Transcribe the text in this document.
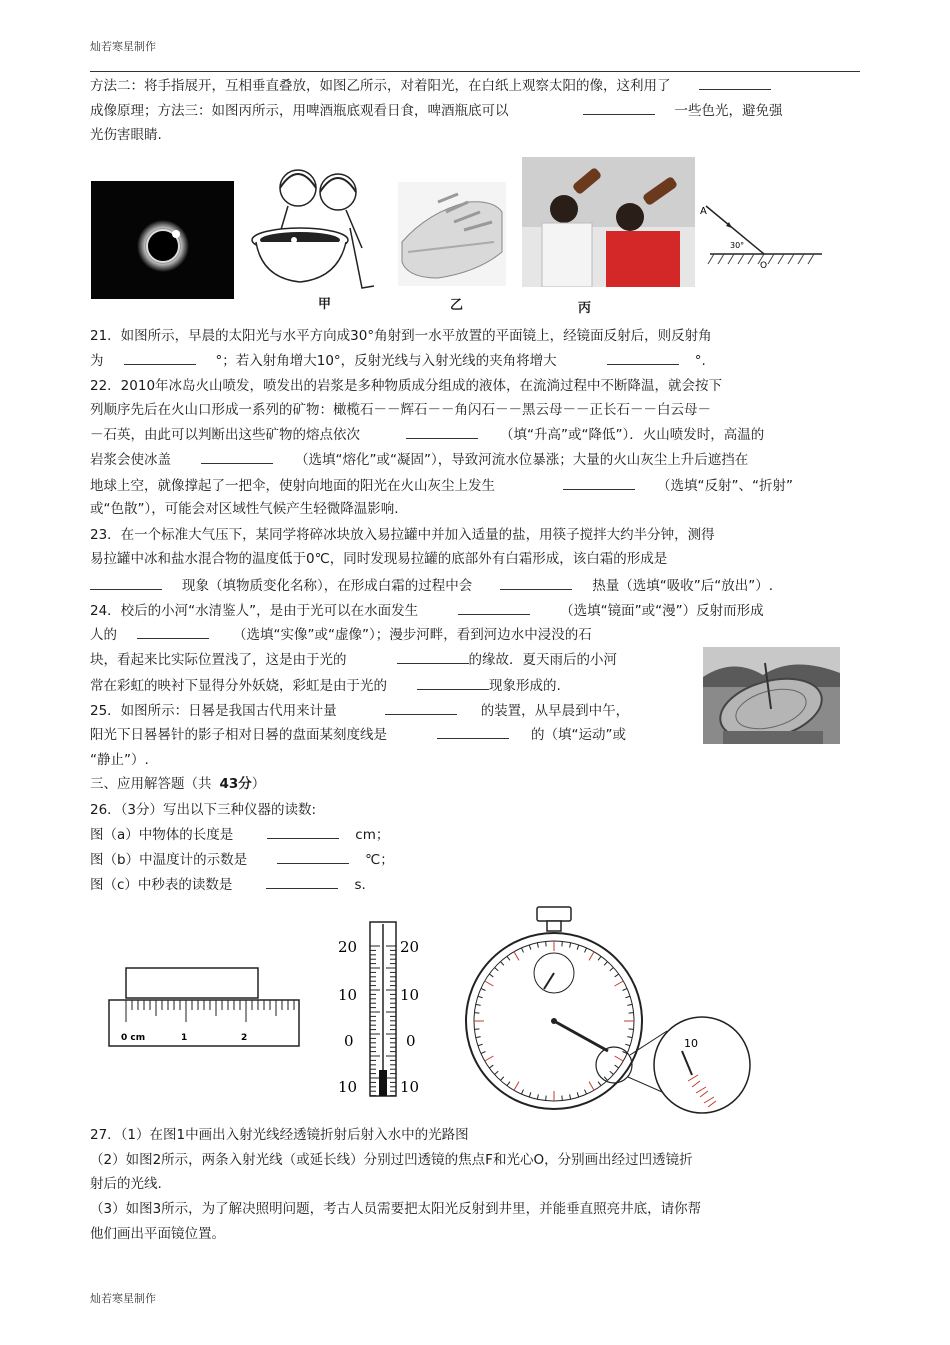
灿若寒星制作
灿若寒星制作
方法二：将手指展开，互相垂直叠放，如图乙所示，对着阳光，在白纸上观察太阳的像，这利用了
成像原理；方法三：如图丙所示，用啤酒瓶底观看日食，啤酒瓶底可以	一些色光，避免强
光伤害眼睛.
甲	乙	丙
A
30°
O
21．如图所示，早晨的太阳光与水平方向成30°角射到一水平放置的平面镜上，经镜面反射后，则反射角
为	°；若入射角增大10°，反射光线与入射光线的夹角将增大	°.
22．2010年冰岛火山喷发，喷发出的岩浆是多种物质成分组成的液体，在流淌过程中不断降温，就会按下
列顺序先后在火山口形成一系列的矿物：橄榄石－－辉石－－角闪石－－黑云母－－正长石－－白云母－
－石英，由此可以判断出这些矿物的熔点依次	（填“升高”或“降低”）．火山喷发时，高温的
岩浆会使冰盖	（选填“熔化”或“凝固”），导致河流水位暴涨；大量的火山灰尘上升后遮挡在
地球上空，就像撑起了一把伞，使射向地面的阳光在火山灰尘上发生	（选填“反射”、“折射”
或“色散”），可能会对区域性气候产生轻微降温影响.
23．在一个标准大气压下，某同学将碎冰块放入易拉罐中并加入适量的盐，用筷子搅拌大约半分钟，测得
易拉罐中冰和盐水混合物的温度低于0℃，同时发现易拉罐的底部外有白霜形成，该白霜的形成是
现象（填物质变化名称），在形成白霜的过程中会	热量（选填“吸收”后“放出”）.
24．校后的小河“水清鉴人”，是由于光可以在水面发生	（选填“镜面”或“漫”）反射而形成
人的	（选填“实像”或“虚像”）；漫步河畔，看到河边水中浸没的石
块，看起来比实际位置浅了，这是由于光的	的缘故．夏天雨后的小河
常在彩虹的映衬下显得分外妖娆，彩虹是由于光的	现象形成的.
25．如图所示：日晷是我国古代用来计量	的装置，从早晨到中午，
阳光下日晷晷针的影子相对日晷的盘面某刻度线是	的（填“运动”或
“静止”）.
三、应用解答题（共 43分）
26．（3分）写出以下三种仪器的读数:
图（a）中物体的长度是	cm；
图（b）中温度计的示数是	℃；
图（c）中秒表的读数是	s.
0 cm	1	2
20
10
0
10
20
10
0
10
10
27．（1）在图1中画出入射光线经透镜折射后射入水中的光路图
（2）如图2所示，两条入射光线（或延长线）分别过凹透镜的焦点F和光心O，分别画出经过凹透镜折
射后的光线.
（3）如图3所示，为了解决照明问题，考古人员需要把太阳光反射到井里，并能垂直照亮井底，请你帮
他们画出平面镜位置。
